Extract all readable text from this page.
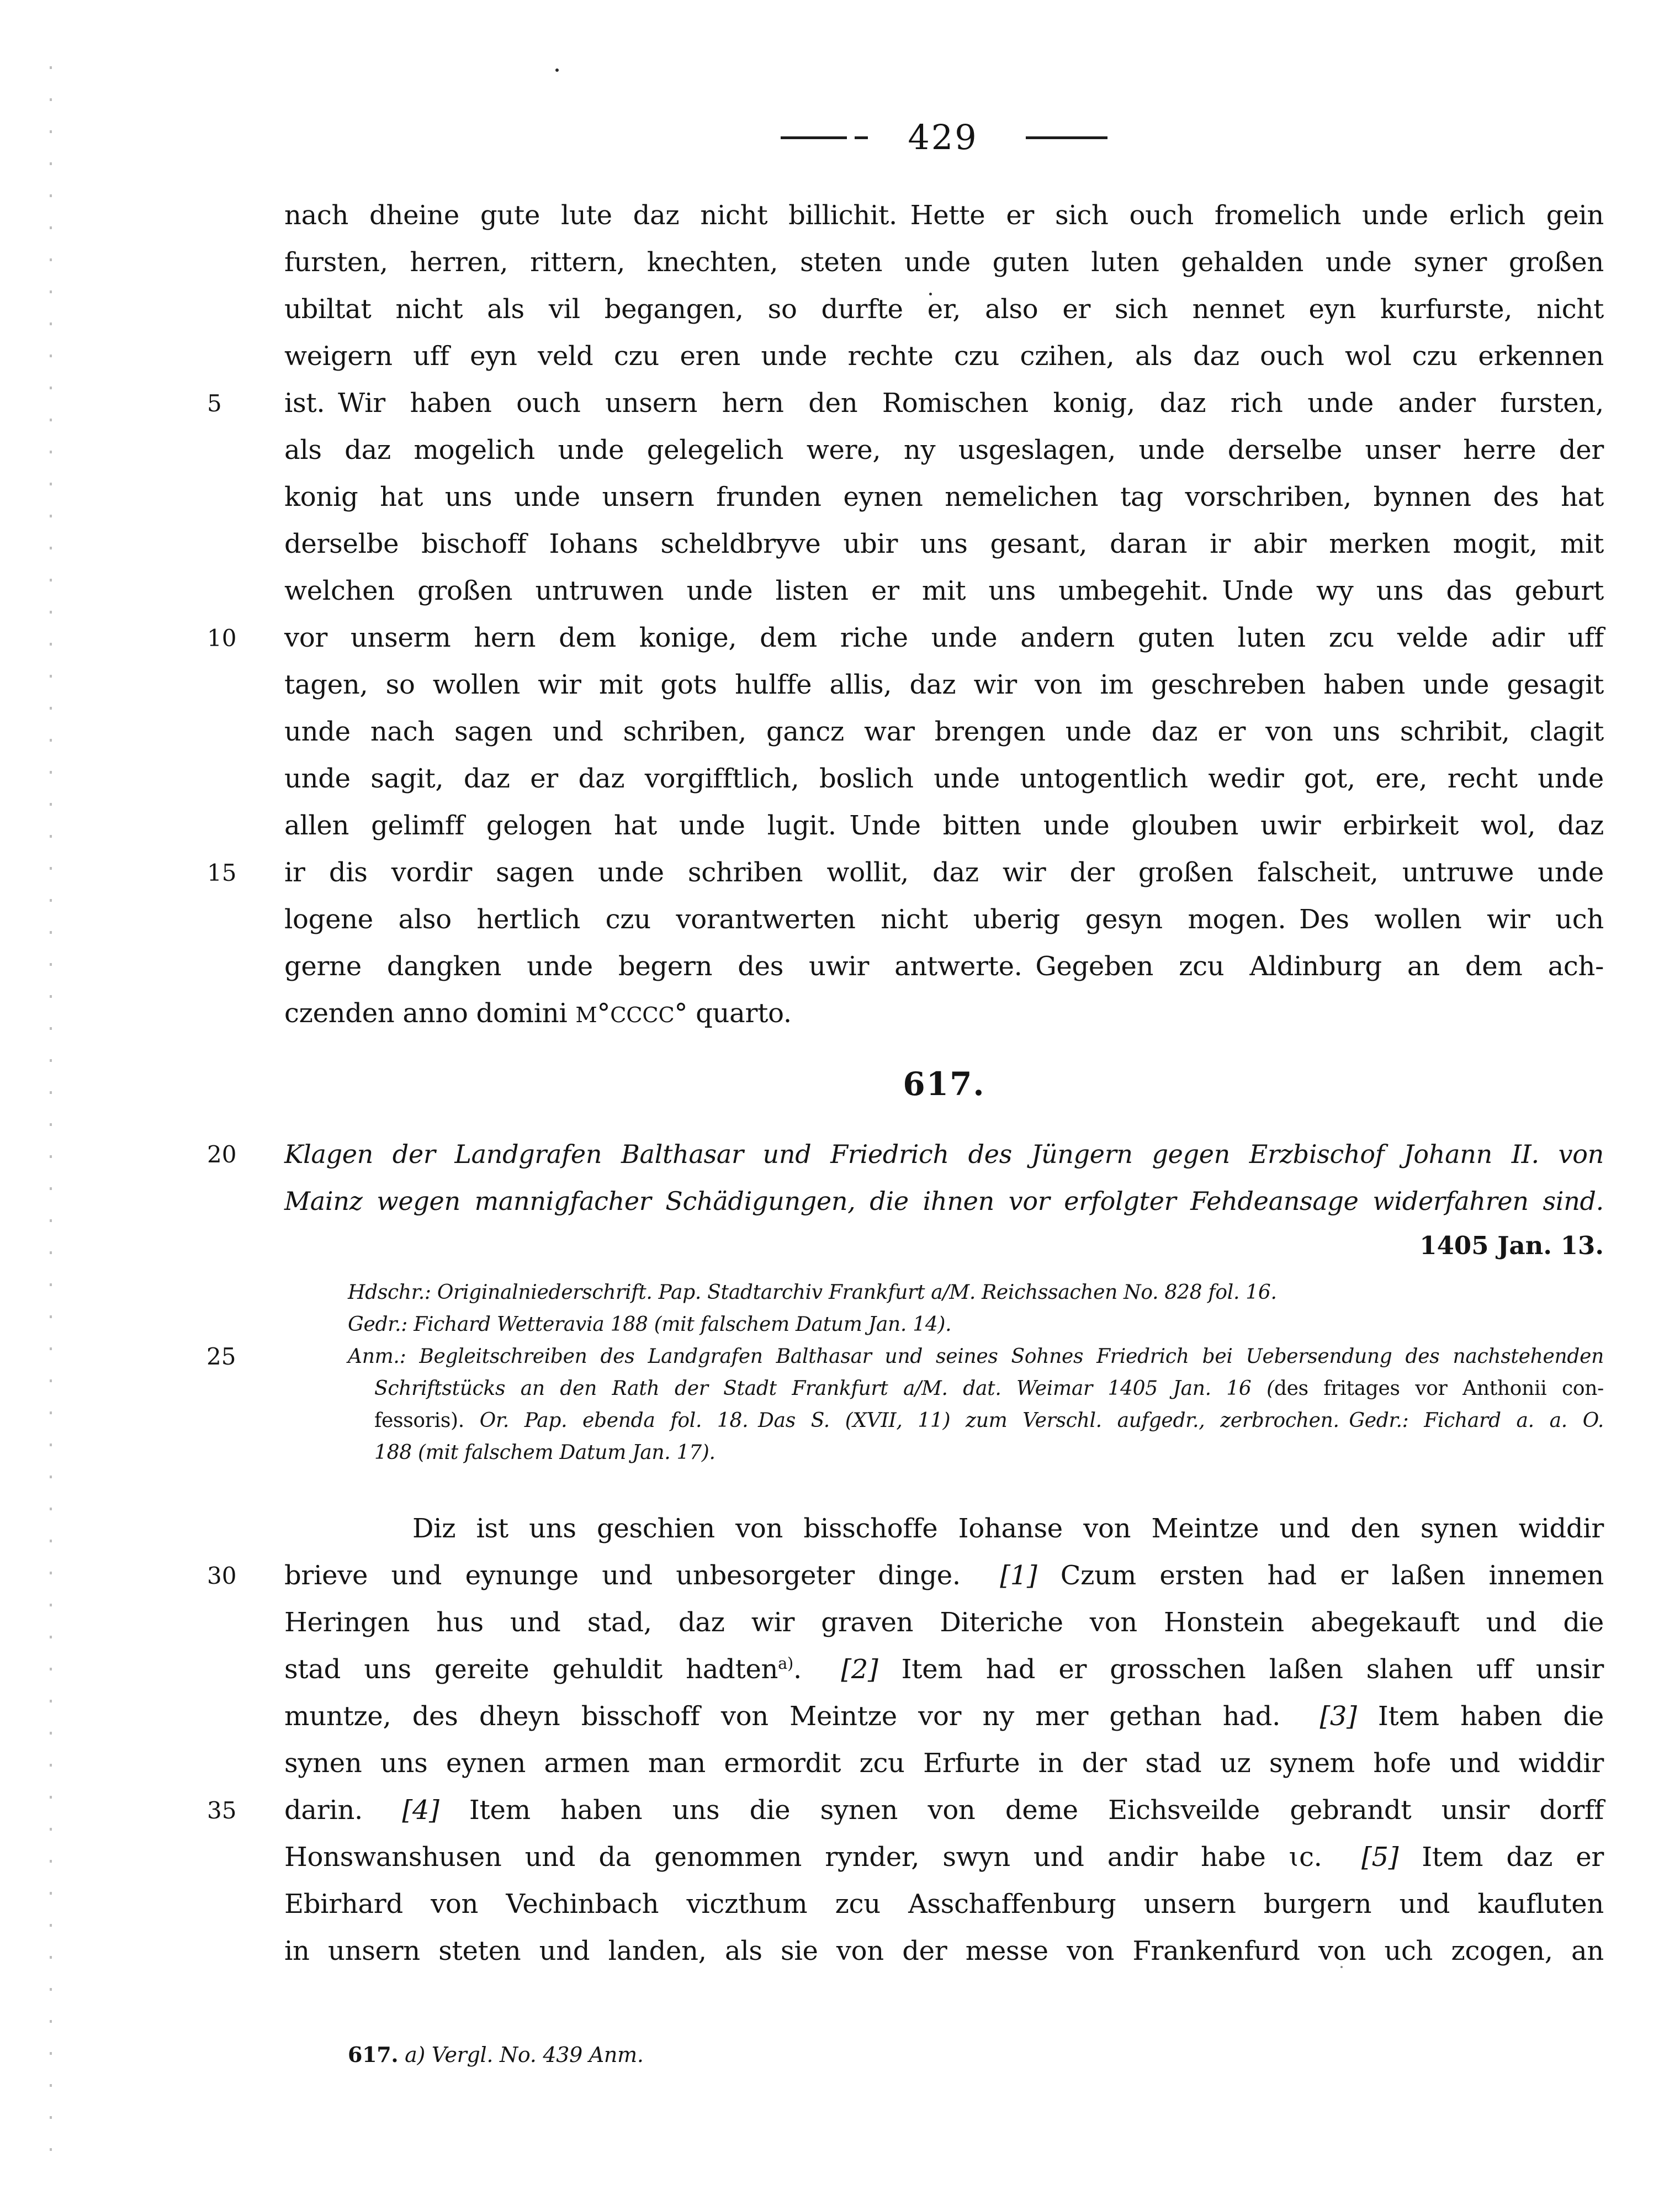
429
nach dheine gute lute daz nicht billichit. Hette er sich ouch fromelich unde erlich gein
fursten, herren, rittern, knechten, steten unde guten luten gehalden unde syner großen
ubiltat nicht als vil begangen, so durfte er, also er sich nennet eyn kurfurste, nicht
weigern uff eyn veld czu eren unde rechte czu czihen, als daz ouch wol czu erkennen
5	ist. Wir haben ouch unsern hern den Romischen konig, daz rich unde ander fursten,
als daz mogelich unde gelegelich were, ny usgeslagen, unde derselbe unser herre der
konig hat uns unde unsern frunden eynen nemelichen tag vorschriben, bynnen des hat
derselbe bischoff Iohans scheldbryve ubir uns gesant, daran ir abir merken mogit, mit
welchen großen untruwen unde listen er mit uns umbegehit. Unde wy uns das geburt
10	vor unserm hern dem konige, dem riche unde andern guten luten zcu velde adir uff
tagen, so wollen wir mit gots hulffe allis, daz wir von im geschreben haben unde gesagit
unde nach sagen und schriben, gancz war brengen unde daz er von uns schribit, clagit
unde sagit, daz er daz vorgifftlich, boslich unde untogentlich wedir got, ere, recht unde
allen gelimff gelogen hat unde lugit. Unde bitten unde glouben uwir erbirkeit wol, daz
15	ir dis vordir sagen unde schriben wollit, daz wir der großen falscheit, untruwe unde
logene also hertlich czu vorantwerten nicht uberig gesyn mogen. Des wollen wir uch
gerne dangken unde begern des uwir antwerte. Gegeben zcu Aldinburg an dem ach-
czenden anno domini M°CCCC° quarto.
617.
20	Klagen der Landgrafen Balthasar und Friedrich des Jüngern gegen Erzbischof Johann II. von
Mainz wegen mannigfacher Schädigungen, die ihnen vor erfolgter Fehdeansage widerfahren sind.
1405 Jan. 13.
Hdschr.: Originalniederschrift. Pap. Stadtarchiv Frankfurt a/M. Reichssachen No. 828 fol. 16.
Gedr.: Fichard Wetteravia 188 (mit falschem Datum Jan. 14).
25	Anm.: Begleitschreiben des Landgrafen Balthasar und seines Sohnes Friedrich bei Uebersendung des nachstehenden
Schriftstücks an den Rath der Stadt Frankfurt a/M. dat. Weimar 1405 Jan. 16 (des fritages vor Anthonii con-
fessoris). Or. Pap. ebenda fol. 18. Das S. (XVII, 11) zum Verschl. aufgedr., zerbrochen. Gedr.: Fichard a. a. O.
188 (mit falschem Datum Jan. 17).
Diz ist uns geschien von bisschoffe Iohanse von Meintze und den synen widdir
30	brieve und eynunge und unbesorgeter dinge.  [1] Czum ersten had er laßen innemen
Heringen hus und stad, daz wir graven Diteriche von Honstein abegekauft und die
stad uns gereite gehuldit hadten$^{a)}$.  [2] Item had er grosschen laßen slahen uff unsir
muntze, des dheyn bisschoff von Meintze vor ny mer gethan had.  [3] Item haben die
synen uns eynen armen man ermordit zcu Erfurte in der stad uz synem hofe und widdir
35	darin.  [4] Item haben uns die synen von deme Eichsveilde gebrandt unsir dorff
Honswanshusen und da genommen rynder, swyn und andir habe ɩc.  [5] Item daz er
Ebirhard von Vechinbach viczthum zcu Asschaffenburg unsern burgern und kaufluten
in unsern steten und landen, als sie von der messe von Frankenfurd von uch zcogen, an
617. a) Vergl. No. 439 Anm.
